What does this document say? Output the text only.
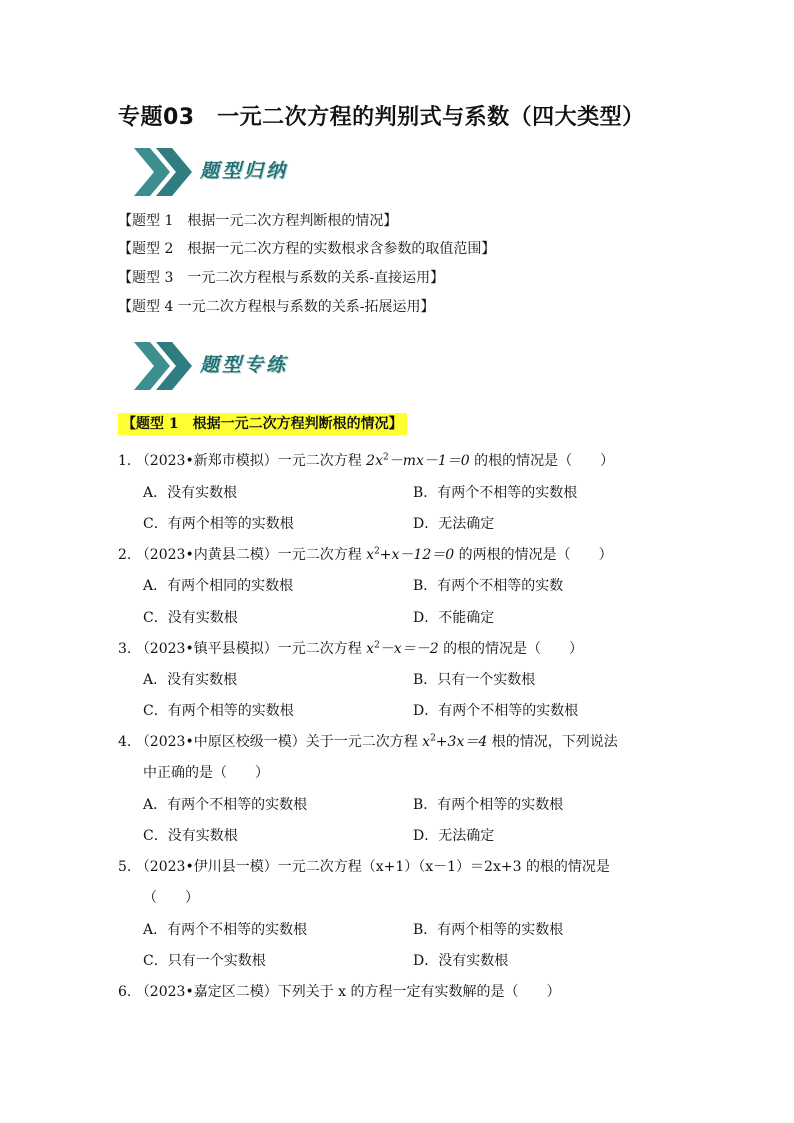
专题03　一元二次方程的判别式与系数（四大类型）
题型归纳
【题型 1　根据一元二次方程判断根的情况】
【题型 2　根据一元二次方程的实数根求含参数的取值范围】
【题型 3　一元二次方程根与系数的关系-直接运用】
【题型 4 一元二次方程根与系数的关系-拓展运用】
题型专练
【题型 1　根据一元二次方程判断根的情况】
1. （2023•新郑市模拟）一元二次方程 $2x^2-mx-1=0$ 的根的情况是（　　）
A．没有实数根	B．有两个不相等的实数根
C．有两个相等的实数根	D．无法确定
2. （2023•内黄县二模）一元二次方程 $x^2+x-12=0$ 的两根的情况是（　　）
A．有两个相同的实数根	B．有两个不相等的实数
C．没有实数根	D．不能确定
3. （2023•镇平县模拟）一元二次方程 $x^2-x=-2$ 的根的情况是（　　）
A．没有实数根	B．只有一个实数根
C．有两个相等的实数根	D．有两个不相等的实数根
4. （2023•中原区校级一模）关于一元二次方程 $x^2+3x=4$ 根的情况，下列说法
中正确的是（　　）
A．有两个不相等的实数根	B．有两个相等的实数根
C．没有实数根	D．无法确定
5. （2023•伊川县一模）一元二次方程（x+1）（x－1）＝2x+3 的根的情况是
（　　）
A．有两个不相等的实数根	B．有两个相等的实数根
C．只有一个实数根	D．没有实数根
6. （2023•嘉定区二模）下列关于 x 的方程一定有实数解的是（　　）
